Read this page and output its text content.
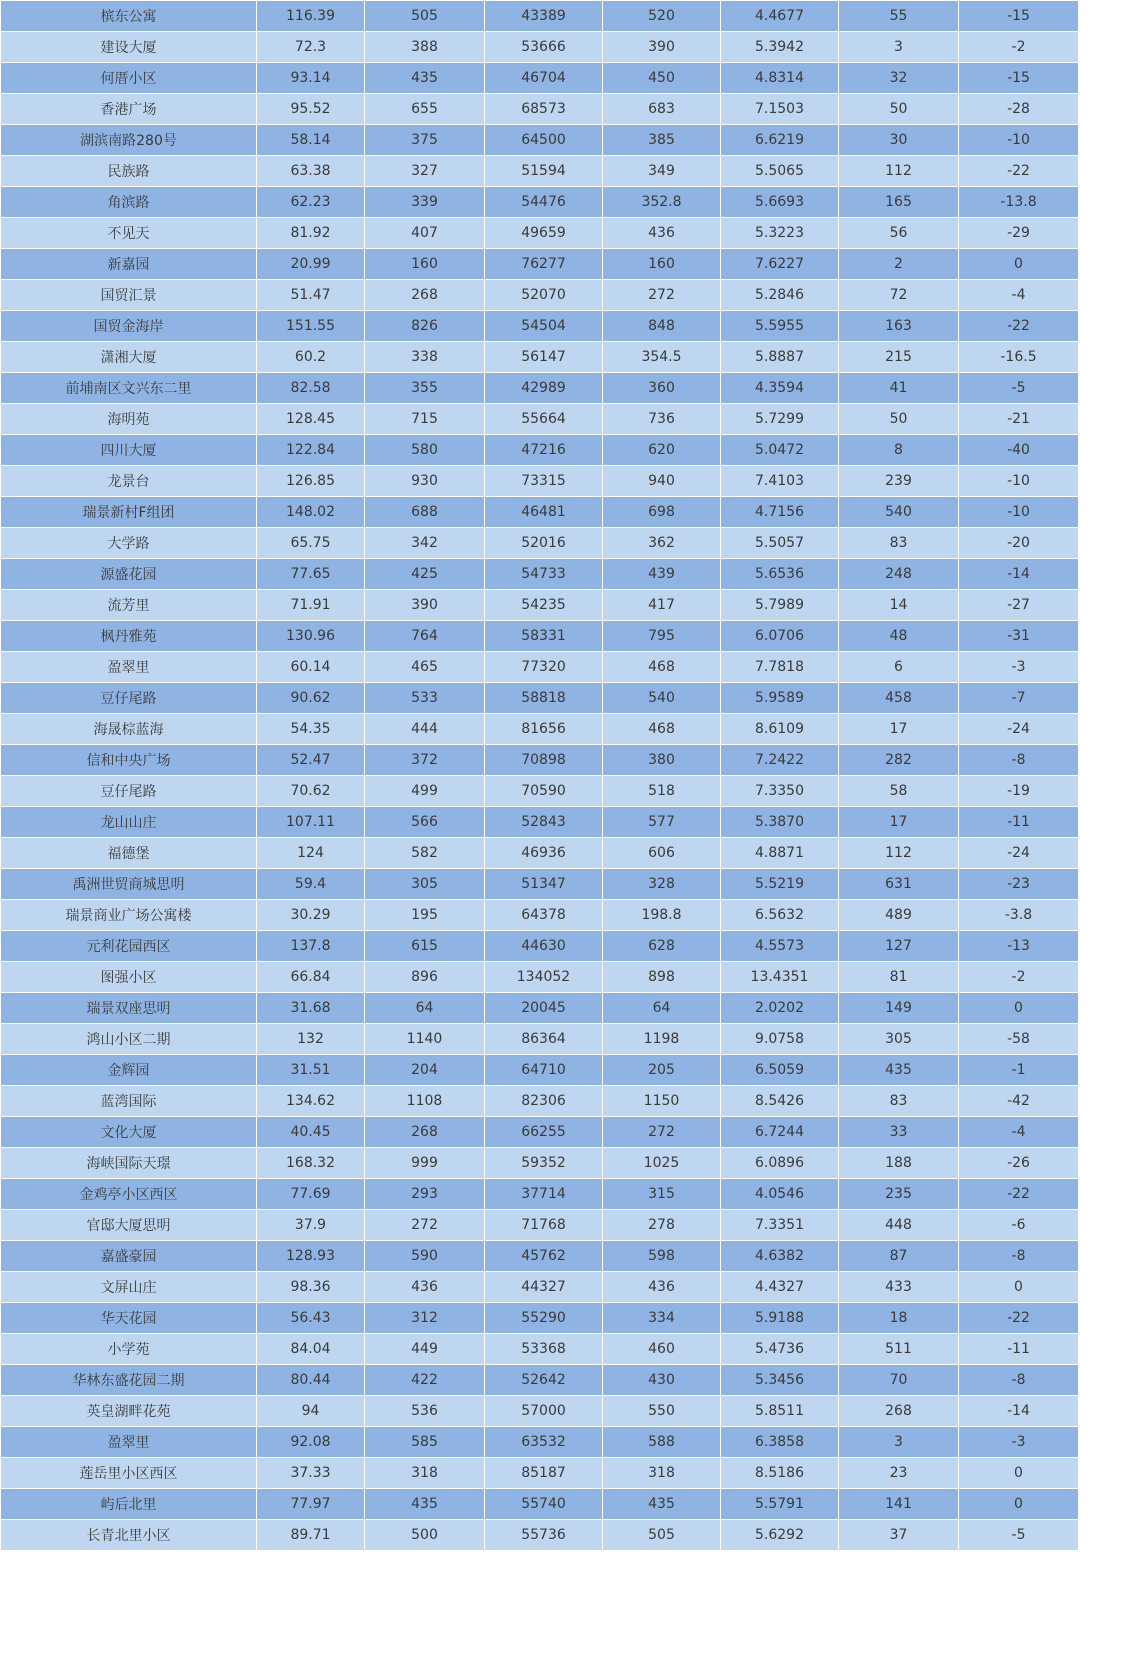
槟东公寓	116.39	505	43389	520	4.4677	55	-15
建设大厦	72.3	388	53666	390	5.3942	3	-2
何厝小区	93.14	435	46704	450	4.8314	32	-15
香港广场	95.52	655	68573	683	7.1503	50	-28
湖滨南路280号	58.14	375	64500	385	6.6219	30	-10
民族路	63.38	327	51594	349	5.5065	112	-22
角滨路	62.23	339	54476	352.8	5.6693	165	-13.8
不见天	81.92	407	49659	436	5.3223	56	-29
新嘉园	20.99	160	76277	160	7.6227	2	0
国贸汇景	51.47	268	52070	272	5.2846	72	-4
国贸金海岸	151.55	826	54504	848	5.5955	163	-22
潇湘大厦	60.2	338	56147	354.5	5.8887	215	-16.5
前埔南区文兴东二里	82.58	355	42989	360	4.3594	41	-5
海明苑	128.45	715	55664	736	5.7299	50	-21
四川大厦	122.84	580	47216	620	5.0472	8	-40
龙景台	126.85	930	73315	940	7.4103	239	-10
瑞景新村F组团	148.02	688	46481	698	4.7156	540	-10
大学路	65.75	342	52016	362	5.5057	83	-20
源盛花园	77.65	425	54733	439	5.6536	248	-14
流芳里	71.91	390	54235	417	5.7989	14	-27
枫丹雅苑	130.96	764	58331	795	6.0706	48	-31
盈翠里	60.14	465	77320	468	7.7818	6	-3
豆仔尾路	90.62	533	58818	540	5.9589	458	-7
海晟棕蓝海	54.35	444	81656	468	8.6109	17	-24
信和中央广场	52.47	372	70898	380	7.2422	282	-8
豆仔尾路	70.62	499	70590	518	7.3350	58	-19
龙山山庄	107.11	566	52843	577	5.3870	17	-11
福德堡	124	582	46936	606	4.8871	112	-24
禹洲世贸商城思明	59.4	305	51347	328	5.5219	631	-23
瑞景商业广场公寓楼	30.29	195	64378	198.8	6.5632	489	-3.8
元利花园西区	137.8	615	44630	628	4.5573	127	-13
图强小区	66.84	896	134052	898	13.4351	81	-2
瑞景双座思明	31.68	64	20045	64	2.0202	149	0
鸿山小区二期	132	1140	86364	1198	9.0758	305	-58
金辉园	31.51	204	64710	205	6.5059	435	-1
蓝湾国际	134.62	1108	82306	1150	8.5426	83	-42
文化大厦	40.45	268	66255	272	6.7244	33	-4
海峡国际天璟	168.32	999	59352	1025	6.0896	188	-26
金鸡亭小区西区	77.69	293	37714	315	4.0546	235	-22
官邸大厦思明	37.9	272	71768	278	7.3351	448	-6
嘉盛豪园	128.93	590	45762	598	4.6382	87	-8
文屏山庄	98.36	436	44327	436	4.4327	433	0
华天花园	56.43	312	55290	334	5.9188	18	-22
小学苑	84.04	449	53368	460	5.4736	511	-11
华林东盛花园二期	80.44	422	52642	430	5.3456	70	-8
英皇湖畔花苑	94	536	57000	550	5.8511	268	-14
盈翠里	92.08	585	63532	588	6.3858	3	-3
莲岳里小区西区	37.33	318	85187	318	8.5186	23	0
屿后北里	77.97	435	55740	435	5.5791	141	0
长青北里小区	89.71	500	55736	505	5.6292	37	-5
